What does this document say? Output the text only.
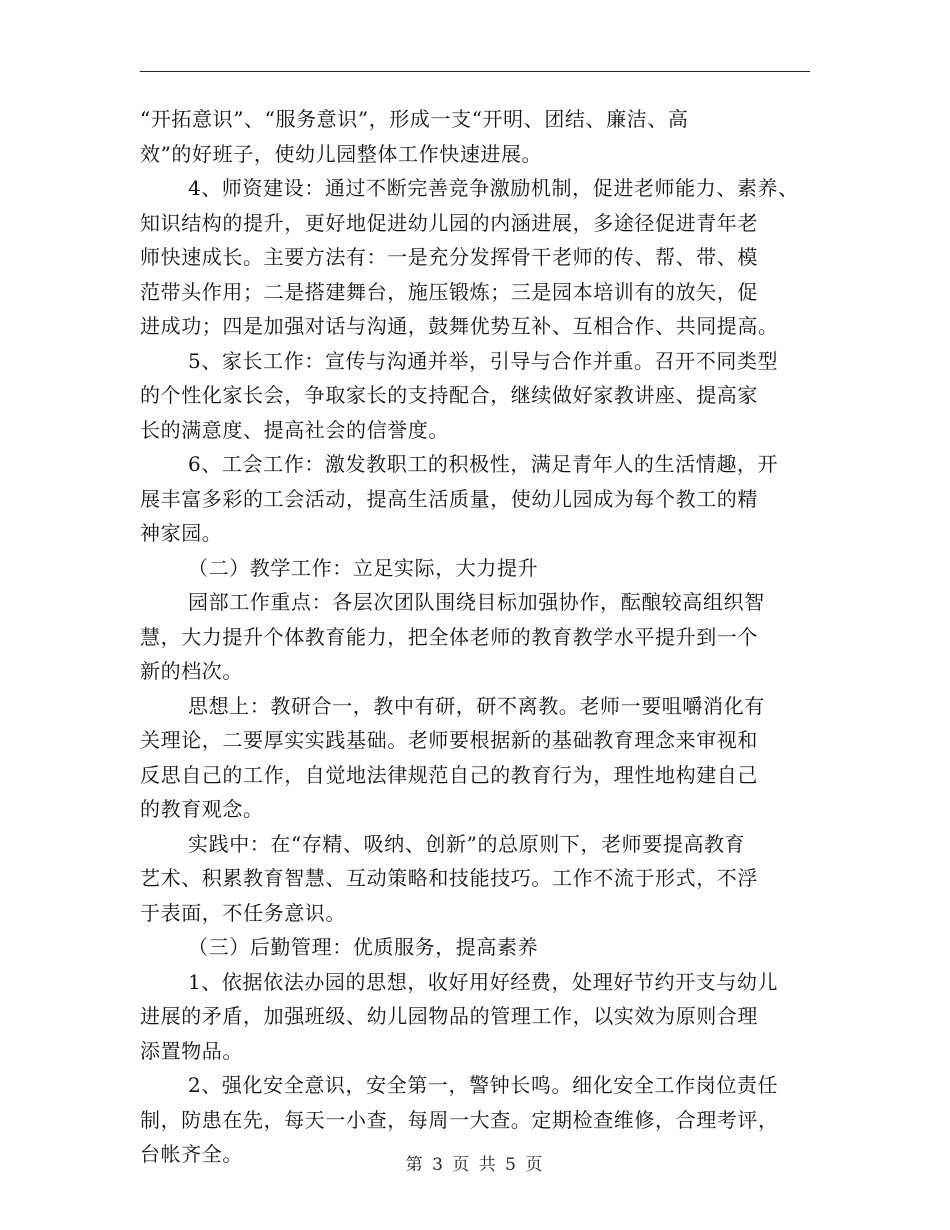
“开拓意识”、“服务意识”，形成一支“开明、团结、廉洁、高
效”的好班子，使幼儿园整体工作快速进展。

4、师资建设：通过不断完善竞争激励机制，促进老师能力、素养、
知识结构的提升，更好地促进幼儿园的内涵进展，多途径促进青年老
师快速成长。主要方法有：一是充分发挥骨干老师的传、帮、带、模
范带头作用；二是搭建舞台，施压锻炼；三是园本培训有的放矢，促
进成功；四是加强对话与沟通，鼓舞优势互补、互相合作、共同提高。

5、家长工作：宣传与沟通并举，引导与合作并重。召开不同类型
的个性化家长会，争取家长的支持配合，继续做好家教讲座、提高家
长的满意度、提高社会的信誉度。

6、工会工作：激发教职工的积极性，满足青年人的生活情趣，开
展丰富多彩的工会活动，提高生活质量，使幼儿园成为每个教工的精
神家园。

（二）教学工作：立足实际，大力提升

园部工作重点：各层次团队围绕目标加强协作，酝酿较高组织智
慧，大力提升个体教育能力，把全体老师的教育教学水平提升到一个
新的档次。

思想上：教研合一，教中有研，研不离教。老师一要咀嚼消化有
关理论，二要厚实实践基础。老师要根据新的基础教育理念来审视和
反思自己的工作，自觉地法律规范自己的教育行为，理性地构建自己
的教育观念。

实践中：在“存精、吸纳、创新”的总原则下，老师要提高教育
艺术、积累教育智慧、互动策略和技能技巧。工作不流于形式，不浮
于表面，不任务意识。

（三）后勤管理：优质服务，提高素养

1、依据依法办园的思想，收好用好经费，处理好节约开支与幼儿
进展的矛盾，加强班级、幼儿园物品的管理工作，以实效为原则合理
添置物品。

2、强化安全意识，安全第一，警钟长鸣。细化安全工作岗位责任
制，防患在先，每天一小查，每周一大查。定期检查维修，合理考评，
台帐齐全。	第 3 页 共 5 页
